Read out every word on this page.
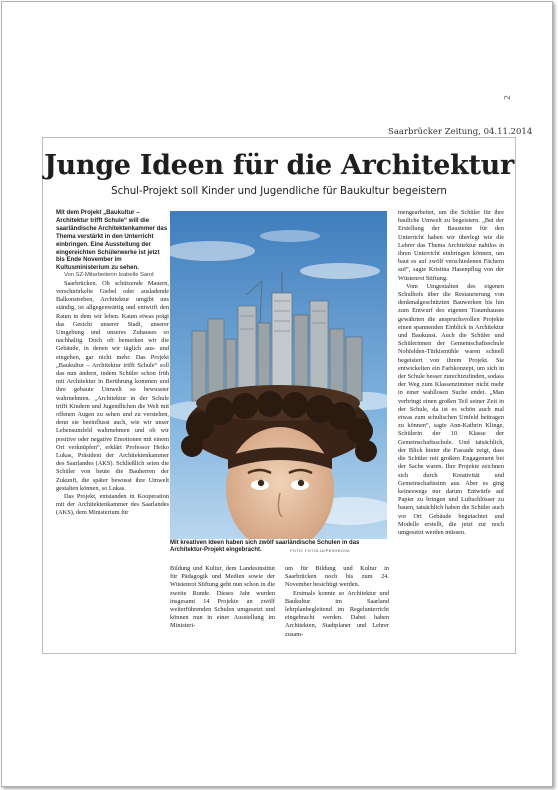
2
Saarbrücker Zeitung, 04.11.2014
Junge Ideen für die Architektur
Schul-Projekt soll Kinder und Jugendliche für Baukultur begeistern

Mit dem Projekt „Baukultur – Architektur trifft Schule“ will die saarländische Architektenkammer das Thema verstärkt in den Unterricht einbringen. Eine Ausstellung der eingereichten Schülerwerke ist jetzt bis Ende November im Kultusministerium zu sehen.

Von SZ-Mitarbeiterin Isabelle Sand

Saarbrücken. Ob schützende Mauern, verschnörkelte Giebel oder ausladende Balkonstreben, Architektur umgibt uns ständig, ist allgegenwärtig und entwirft den Raum in dem wir leben. Kaum etwas prägt das Gesicht unserer Stadt, unserer Umgebung und unseres Zuhauses so nachhaltig. Doch oft bemerken wir die Gebäude, in denen wir täglich aus- und eingehen, gar nicht mehr. Das Projekt „Baukultur – Architektur trifft Schule“ soll das nun ändern, indem Schüler schon früh mit Architektur in Berührung kommen und ihre gebaute Umwelt so bewusster wahrnehmen. „Architektur in der Schule trifft Kindern und Jugendlichen die Welt mit offenen Augen zu sehen und zu verstehen, denn sie beeinflusst auch, wie wir unser Lebensumfeld wahrnehmen und ob wir positive oder negative Emotionen mit einem Ort verknüpfen“, erklärt Professor Heiko Lukas, Präsident der Architektenkammer des Saarlandes (AKS). Schließlich seien die Schüler von heute die Bauherren der Zukunft, die später bewusst ihre Umwelt gestalten können, so Lukas.

Das Projekt, entstanden in Kooperation mit der Architektenkammer des Saarlandes (AKS), dem Ministerium für

Mit kreativen Ideen haben sich zwölf saarländische Schulen in das Architektur-Projekt eingebracht.	FOTO: FOTOLIA/PESHKOVA

Bildung und Kultur, dem Landesinstitut für Pädagogik und Medien sowie der Wüstenrot Stiftung geht nun schon in die zweite Runde. Dieses Jahr wurden insgesamt 14 Projekte an zwölf weiterführenden Schulen umgesetzt und können nun in einer Ausstellung im Ministeri-

um für Bildung und Kultur in Saarbrücken noch bis zum 24. November besichtigt werden.

Erstmals konnte so Architektur und Baukultur im Saarland lehrplanbegleitend im Regelunterricht eingebracht werden. Dabei haben Architekten, Stadtplaner und Lehrer zusam-

mengearbeitet, um die Schüler für ihre bauliche Umwelt zu begeistern. „Bei der Erstellung der Bausteine für den Unterricht haben wir überlegt wie die Lehrer das Thema Architektur nahtlos in ihren Unterricht einbringen können, um baut es auf zwölf verschiedenen Fächern auf“, sagte Kristina Hasenpflug von der Wüstenrot Stiftung.

Vom Umgestalten des eigenen Schulhofs über die Restaurierung von denkmalgeschützten Bauwerken bis hin zum Entwurf des eigenen Traumhauses gewährten die anspruchsvollen Projekte einen spannenden Einblick in Architektur und Baukunst. Auch die Schüler und Schülerinnen der Gemeinschaftsschule Nohfelden-Türkismühle waren schnell begeistert von ihrem Projekt. Sie entwickelten ein Farbkonzept, um sich in der Schule besser zurechtzufinden, sodass der Weg zum Klassenzimmer nicht mehr in einer wahllosen Suche endet. „Man verbringt einen großen Teil seiner Zeit in der Schule, da ist es schön auch mal etwas zum schulischen Umfeld beitragen zu können“, sagte Ann-Kathrin Klinge, Schülerin der 10. Klasse der Gemeinschaftsschule. Und tatsächlich, der Blick hinter die Fassade zeigt, dass die Schüler mit großem Engagement bei der Sache waren. Ihre Projekte zeichnen sich durch Kreativität und Gemeinschaftssinn aus. Aber es ging keineswegs nur darum Entwürfe auf Papier zu bringen und Luftschlösser zu bauen, tatsächlich haben die Schüler auch vor Ort Gebäude begutachtet und Modelle erstellt, die jetzt zur noch umgesetzt werden müssen.
